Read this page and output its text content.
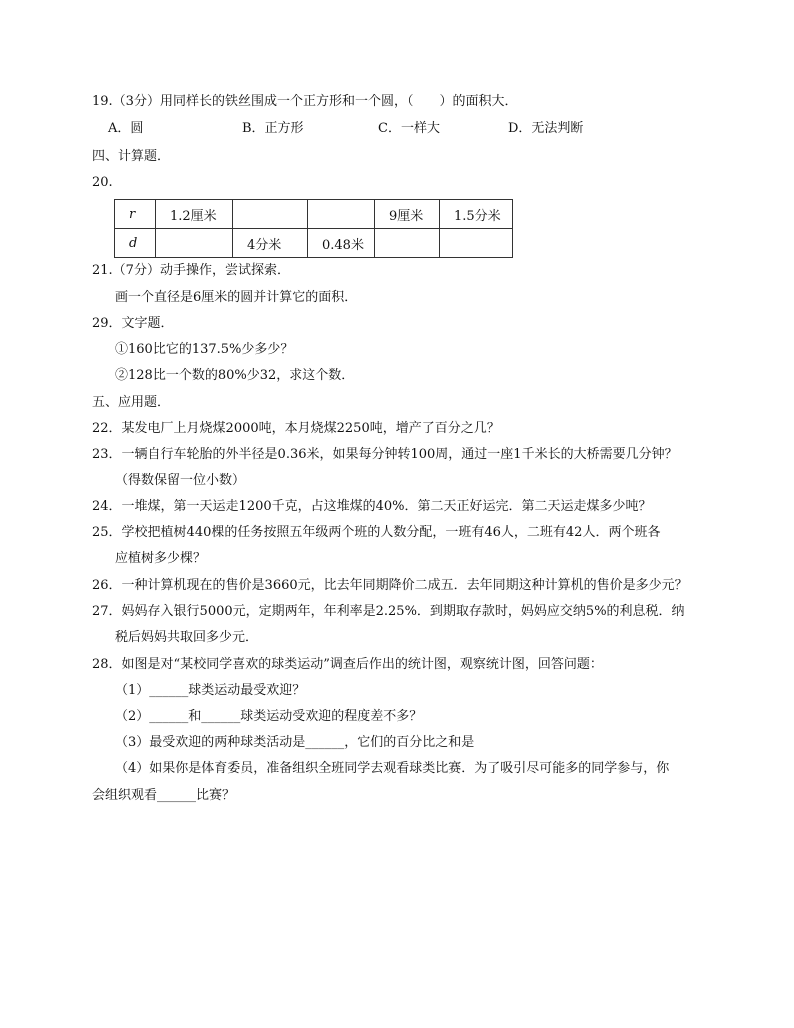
19.（3分）用同样长的铁丝围成一个正方形和一个圆，（　　）的面积大．
A．圆	B．正方形	C．一样大	D．无法判断
四、计算题．
20.
r	1.2厘米			9厘米	1.5分米
d		4分米	0.48米		
21.（7分）动手操作，尝试探索．
画一个直径是6厘米的圆并计算它的面积．
29．文字题．
①160比它的137.5%少多少？
②128比一个数的80%少32，求这个数．
五、应用题．
22．某发电厂上月烧煤2000吨，本月烧煤2250吨，增产了百分之几？
23．一辆自行车轮胎的外半径是0.36米，如果每分钟转100周，通过一座1千米长的大桥需要几分钟？
（得数保留一位小数）
24．一堆煤，第一天运走1200千克，占这堆煤的40%．第二天正好运完．第二天运走煤多少吨？
25．学校把植树440棵的任务按照五年级两个班的人数分配，一班有46人，二班有42人．两个班各
应植树多少棵？
26．一种计算机现在的售价是3660元，比去年同期降价二成五．去年同期这种计算机的售价是多少元？
27．妈妈存入银行5000元，定期两年，年利率是2.25%．到期取存款时，妈妈应交纳5%的利息税．纳
税后妈妈共取回多少元．
28．如图是对“某校同学喜欢的球类运动”调查后作出的统计图，观察统计图，回答问题：
（1）______球类运动最受欢迎？
（2）______和______球类运动受欢迎的程度差不多？
（3）最受欢迎的两种球类活动是______，它们的百分比之和是
（4）如果你是体育委员，准备组织全班同学去观看球类比赛．为了吸引尽可能多的同学参与，你
会组织观看______比赛？
